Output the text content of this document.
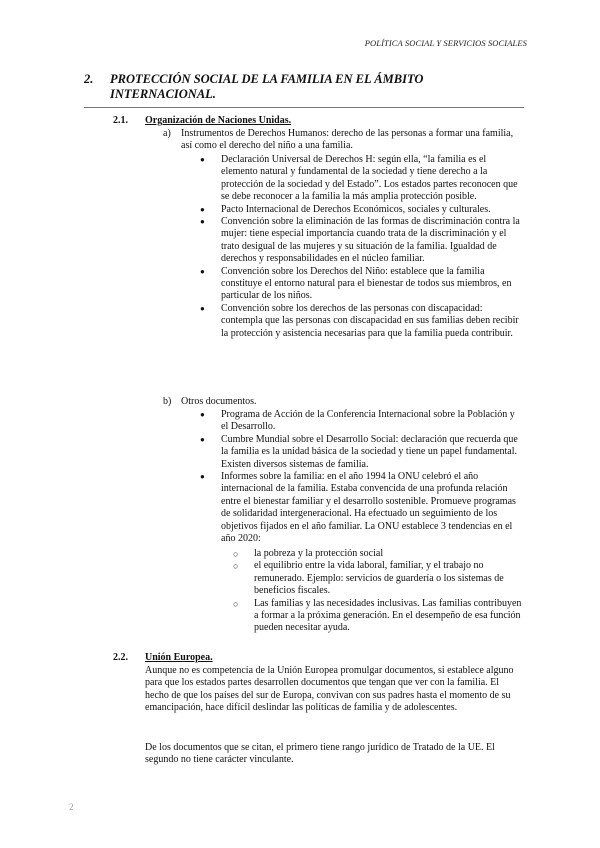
POLÍTICA SOCIAL Y SERVICIOS SOCIALES
2. PROTECCIÓN SOCIAL DE LA FAMILIA EN EL ÁMBITO INTERNACIONAL.
2.1. Organización de Naciones Unidas.
a) Instrumentos de Derechos Humanos: derecho de las personas a formar una familia, así como el derecho del niño a una familia.
●	Declaración Universal de Derechos H: según ella, “la familia es el elemento natural y fundamental de la sociedad y tiene derecho a la protección de la sociedad y del Estado”. Los estados partes reconocen que se debe reconocer a la familia la más amplia protección posible.
●	Pacto Internacional de Derechos Económicos, sociales y culturales.
●	Convención sobre la eliminación de las formas de discriminación contra la mujer: tiene especial importancia cuando trata de la discriminación y el trato desigual de las mujeres y su situación de la familia. Igualdad de derechos y responsabilidades en el núcleo familiar.
●	Convención sobre los Derechos del Niño: establece que la familia constituye el entorno natural para el bienestar de todos sus miembros, en particular de los niños.
●	Convención sobre los derechos de las personas con discapacidad: contempla que las personas con discapacidad en sus familias deben recibir la protección y asistencia necesarias para que la familia pueda contribuir.
b) Otros documentos.
●	Programa de Acción de la Conferencia Internacional sobre la Población y el Desarrollo.
●	Cumbre Mundial sobre el Desarrollo Social: declaración que recuerda que la familia es la unidad básica de la sociedad y tiene un papel fundamental. Existen diversos sistemas de familia.
●	Informes sobre la familia: en el año 1994 la ONU celebró el año internacional de la familia. Estaba convencida de una profunda relación entre el bienestar familiar y el desarrollo sostenible. Promueve programas de solidaridad intergeneracional. Ha efectuado un seguimiento de los objetivos fijados en el año familiar. La ONU establece 3 tendencias en el año 2020:
○	la pobreza y la protección social
○	el equilibrio entre la vida laboral, familiar, y el trabajo no remunerado. Ejemplo: servicios de guardería o los sistemas de beneficios fiscales.
○	Las familias y las necesidades inclusivas. Las familias contribuyen a formar a la próxima generación. En el desempeño de esa función pueden necesitar ayuda.
2.2. Unión Europea.
Aunque no es competencia de la Unión Europea promulgar documentos, si establece alguno para que los estados partes desarrollen documentos que tengan que ver con la familia. El hecho de que los países del sur de Europa, convivan con sus padres hasta el momento de su emancipación, hace difícil deslindar las políticas de familia y de adolescentes.
De los documentos que se citan, el primero tiene rango jurídico de Tratado de la UE. El segundo no tiene carácter vinculante.
2
